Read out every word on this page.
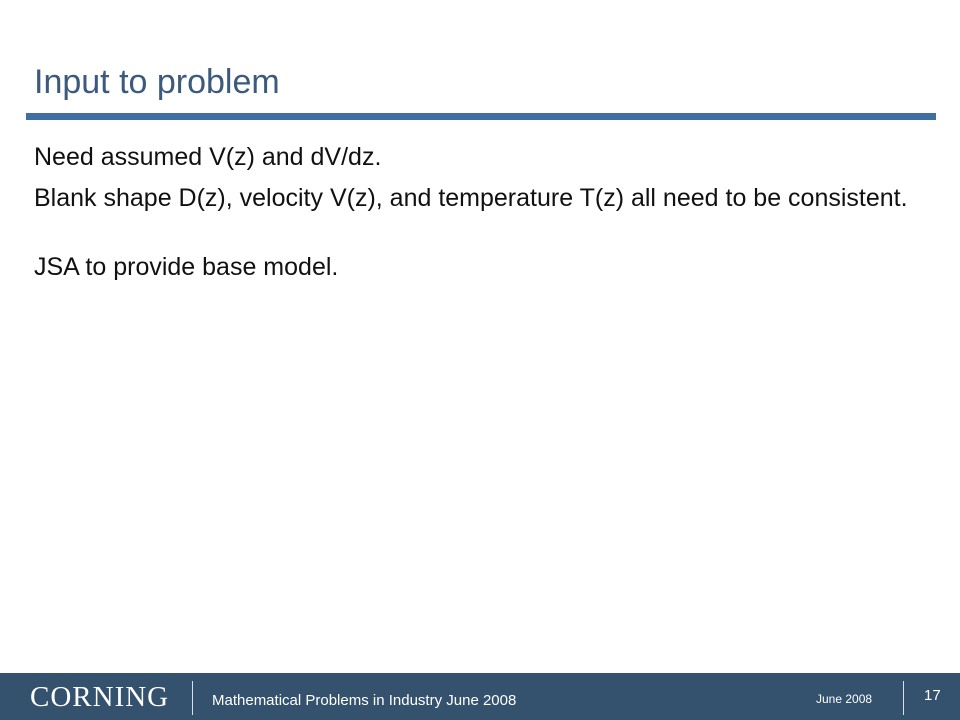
Input to problem

Need assumed V(z) and dV/dz.

Blank shape D(z), velocity V(z), and temperature T(z) all need to be consistent.

JSA to provide base model.

CORNING	Mathematical Problems in Industry June 2008	June 2008	17
